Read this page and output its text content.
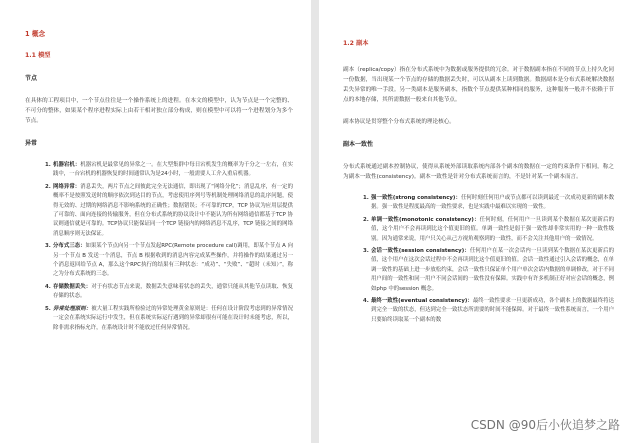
1 概念
1.1 模型
节点
在具体的工程项目中，一个节点往往是一个操作系统上的进程。在本文的模型中，认为节点是一个完整的、不可分的整体，如果某个程序进程实际上由若干相对独立部分构成，则在模型中可以将一个进程划分为多个节点。
异常
1. 机器宕机：机器宕机是最常见的异常之一。在大型集群中每日宕机发生的概率为千分之一左右，在实践中，一台宕机的机器恢复的时间通常认为是24小时，一般需要人工介入重启机器。
2. 网络异常：消息丢失，两片节点之间彼此完全无法通信，即出现了“网络分化”；消息乱序，有一定的概率不是按照发送时的顺序依次到达目的节点，考虑使用序列号等机制处理网络消息的乱序问题，使得无效的、过期的网络消息不影响系统的正确性；数据错误；不可靠的TCP，TCP 协议为应用层提供了可靠的、面向连接的传输服务，但在分布式系统的协议设计中不能认为所有网络通信都基于TCP 协议则通信就是可靠的。TCP协议只能保证同一个TCP 链接内的网络消息不乱序，TCP 链接之间的网络消息顺序则无法保证。
3. 分布式三态：如果某个节点向另一个节点发起RPC(Remote procedure call)调用，即某个节点 A 向另一个节点 B 发送一个消息，节点 B 根据收到的消息内容完成某些操作，并将操作的结果通过另一个消息返回给节点 A，那么这个RPC执行的结果有三种状态：“成功”、“失败”、“超时（未知）”，称之为分布式系统的三态。
4. 存储数据丢失：对于有状态节点来说，数据丢失意味着状态的丢失，通常只能从其他节点读取、恢复存储的状态。
5. 异常处理原则：被大量工程实践所检验过的异常处理黄金原则是：任何在设计阶段考虑到的异常情况一定会在系统实际运行中发生，但在系统实际运行遇到的异常却很有可能在设计时未能考虑，所以，除非需求指标允许，在系统设计时不能放过任何异常情况。
1.2 副本
副本（replica/copy）指在分布式系统中为数据或服务提供的冗余。对于数据副本指在不同的节点上持久化同一份数据，当出现某一个节点的存储的数据丢失时，可以从副本上读到数据。数据副本是分布式系统解决数据丢失异常的唯一手段。另一类副本是服务副本，指数个节点提供某种相同的服务，这种服务一般并不依赖于节点的本地存储，其所需数据一般来自其他节点。
副本协议是贯穿整个分布式系统的理论核心。
副本一致性
分布式系统通过副本控制协议，使得从系统外部读取系统内部各个副本的数据在一定的约束条件下相同，称之为副本一致性(consistency)。副本一致性是针对分布式系统而言的，不是针对某一个副本而言。
1. 强一致性(strong consistency)：任何时刻任何用户或节点都可以读到最近一次成功更新的副本数据。强一致性是程度最高的一致性要求，也是实践中最难以实现的一致性。
2. 单调一致性(monotonic consistency)：任何时刻，任何用户一旦读到某个数据在某次更新后的值，这个用户不会再读到比这个值更旧的值。单调一致性是弱于强一致性却非常实用的一种一致性级别。因为通常来说，用户只关心从己方视角观察到的一致性，而不会关注其他用户的一致情况。
3. 会话一致性(session consistency)：任何用户在某一次会话内一旦读到某个数据在某次更新后的值，这个用户在这次会话过程中不会再读到比这个值更旧的值。会话一致性通过引入会话的概念，在单调一致性的基础上进一步放松约束，会话一致性只保证单个用户单次会话内数据的单调修改，对于不同用户间的一致性和同一用户不同会话间的一致性没有保障。实践中有许多机制正好对应会话的概念，例如php 中的session 概念。
4. 最终一致性(eventual consistency)：最终一致性要求一旦更新成功，各个副本上的数据最终将达到完全一致的状态，但达到完全一致状态所需要的时间不能保障。对于最终一致性系统而言，一个用户只要始终读取某一个副本的数
CSDN @90后小伙追梦之路
